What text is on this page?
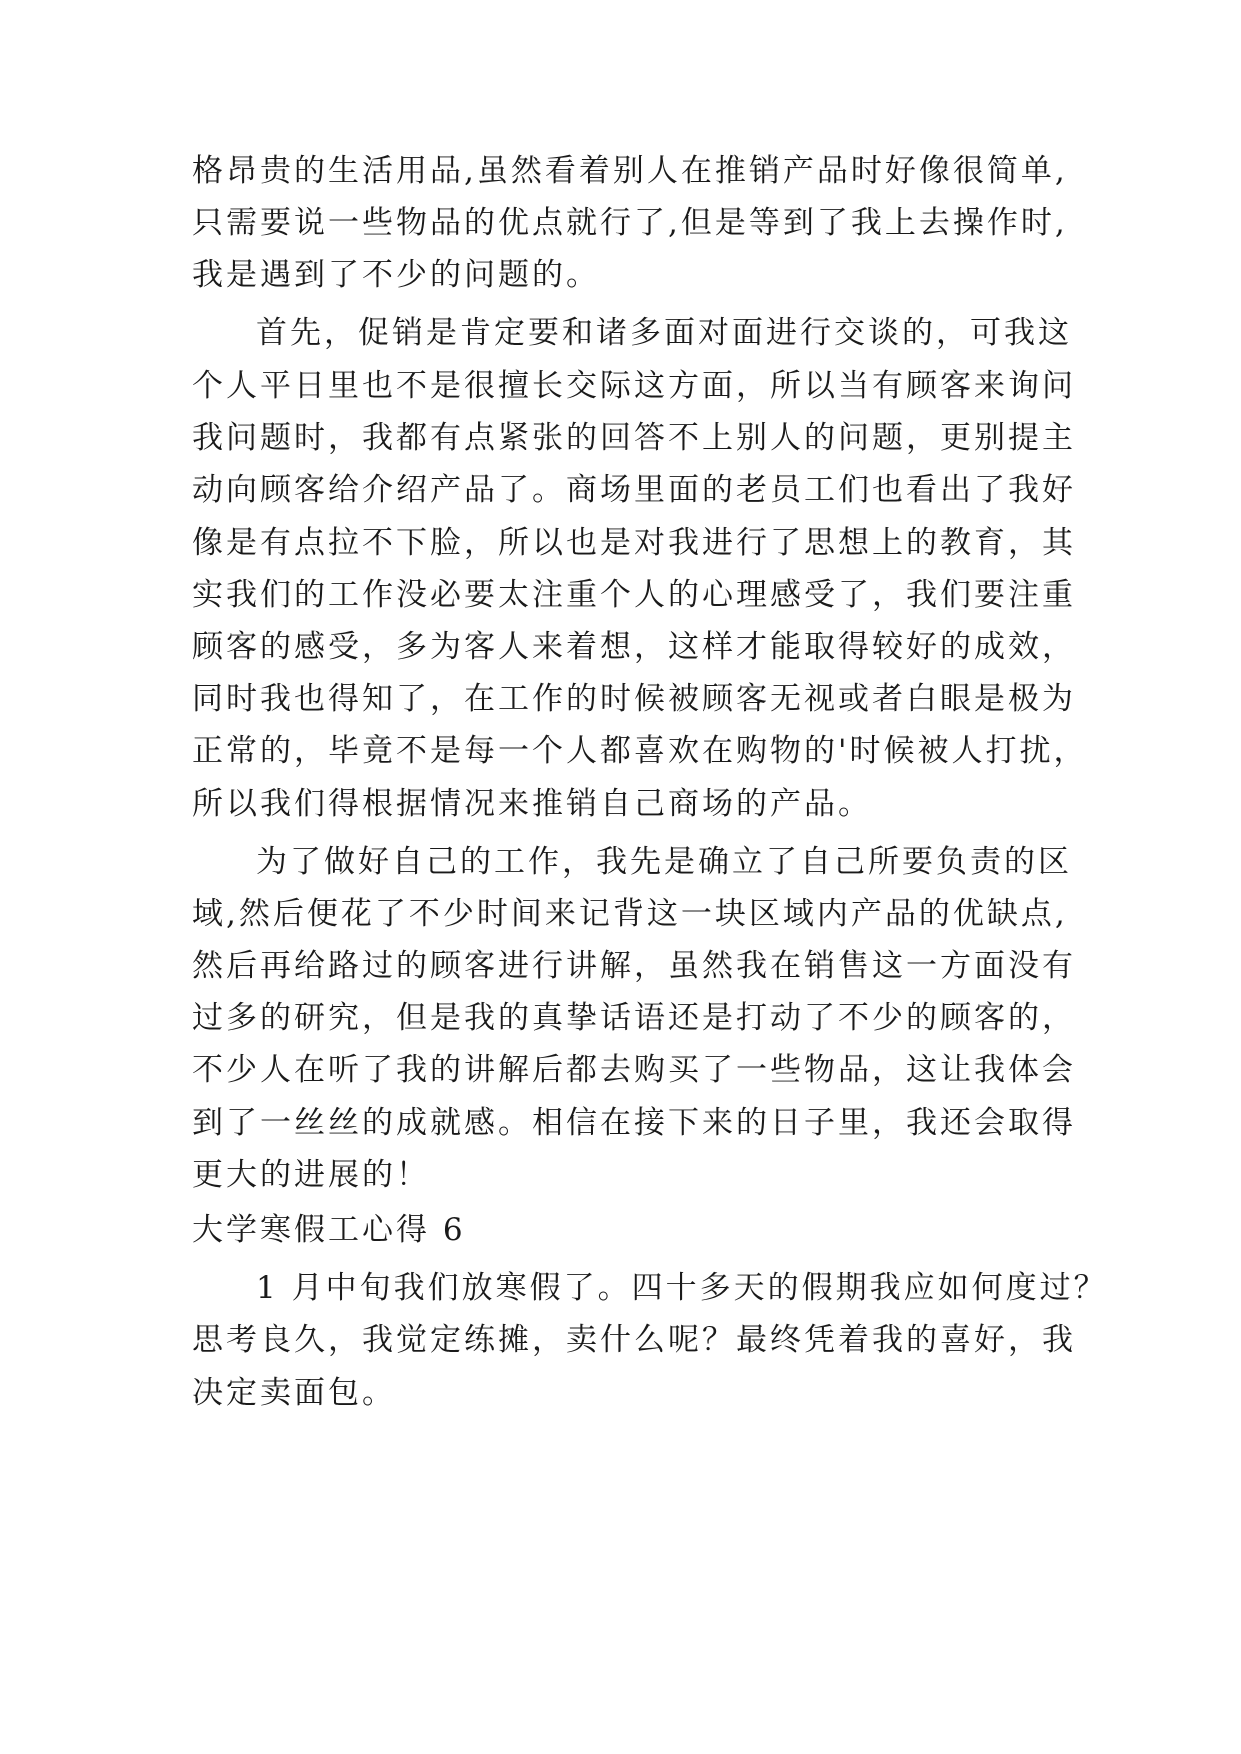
格昂贵的生活用品,虽然看着别人在推销产品时好像很简单,
只需要说一些物品的优点就行了,但是等到了我上去操作时,
我是遇到了不少的问题的。
首先，促销是肯定要和诸多面对面进行交谈的，可我这
个人平日里也不是很擅长交际这方面，所以当有顾客来询问
我问题时，我都有点紧张的回答不上别人的问题，更别提主
动向顾客给介绍产品了。商场里面的老员工们也看出了我好
像是有点拉不下脸，所以也是对我进行了思想上的教育，其
实我们的工作没必要太注重个人的心理感受了，我们要注重
顾客的感受，多为客人来着想，这样才能取得较好的成效，
同时我也得知了，在工作的时候被顾客无视或者白眼是极为
正常的，毕竟不是每一个人都喜欢在购物的'时候被人打扰，
所以我们得根据情况来推销自己商场的产品。
为了做好自己的工作，我先是确立了自己所要负责的区
域,然后便花了不少时间来记背这一块区域内产品的优缺点,
然后再给路过的顾客进行讲解，虽然我在销售这一方面没有
过多的研究，但是我的真挚话语还是打动了不少的顾客的，
不少人在听了我的讲解后都去购买了一些物品，这让我体会
到了一丝丝的成就感。相信在接下来的日子里，我还会取得
更大的进展的！
大学寒假工心得 6
1 月中旬我们放寒假了。四十多天的假期我应如何度过？
思考良久，我觉定练摊，卖什么呢？最终凭着我的喜好，我
决定卖面包。
